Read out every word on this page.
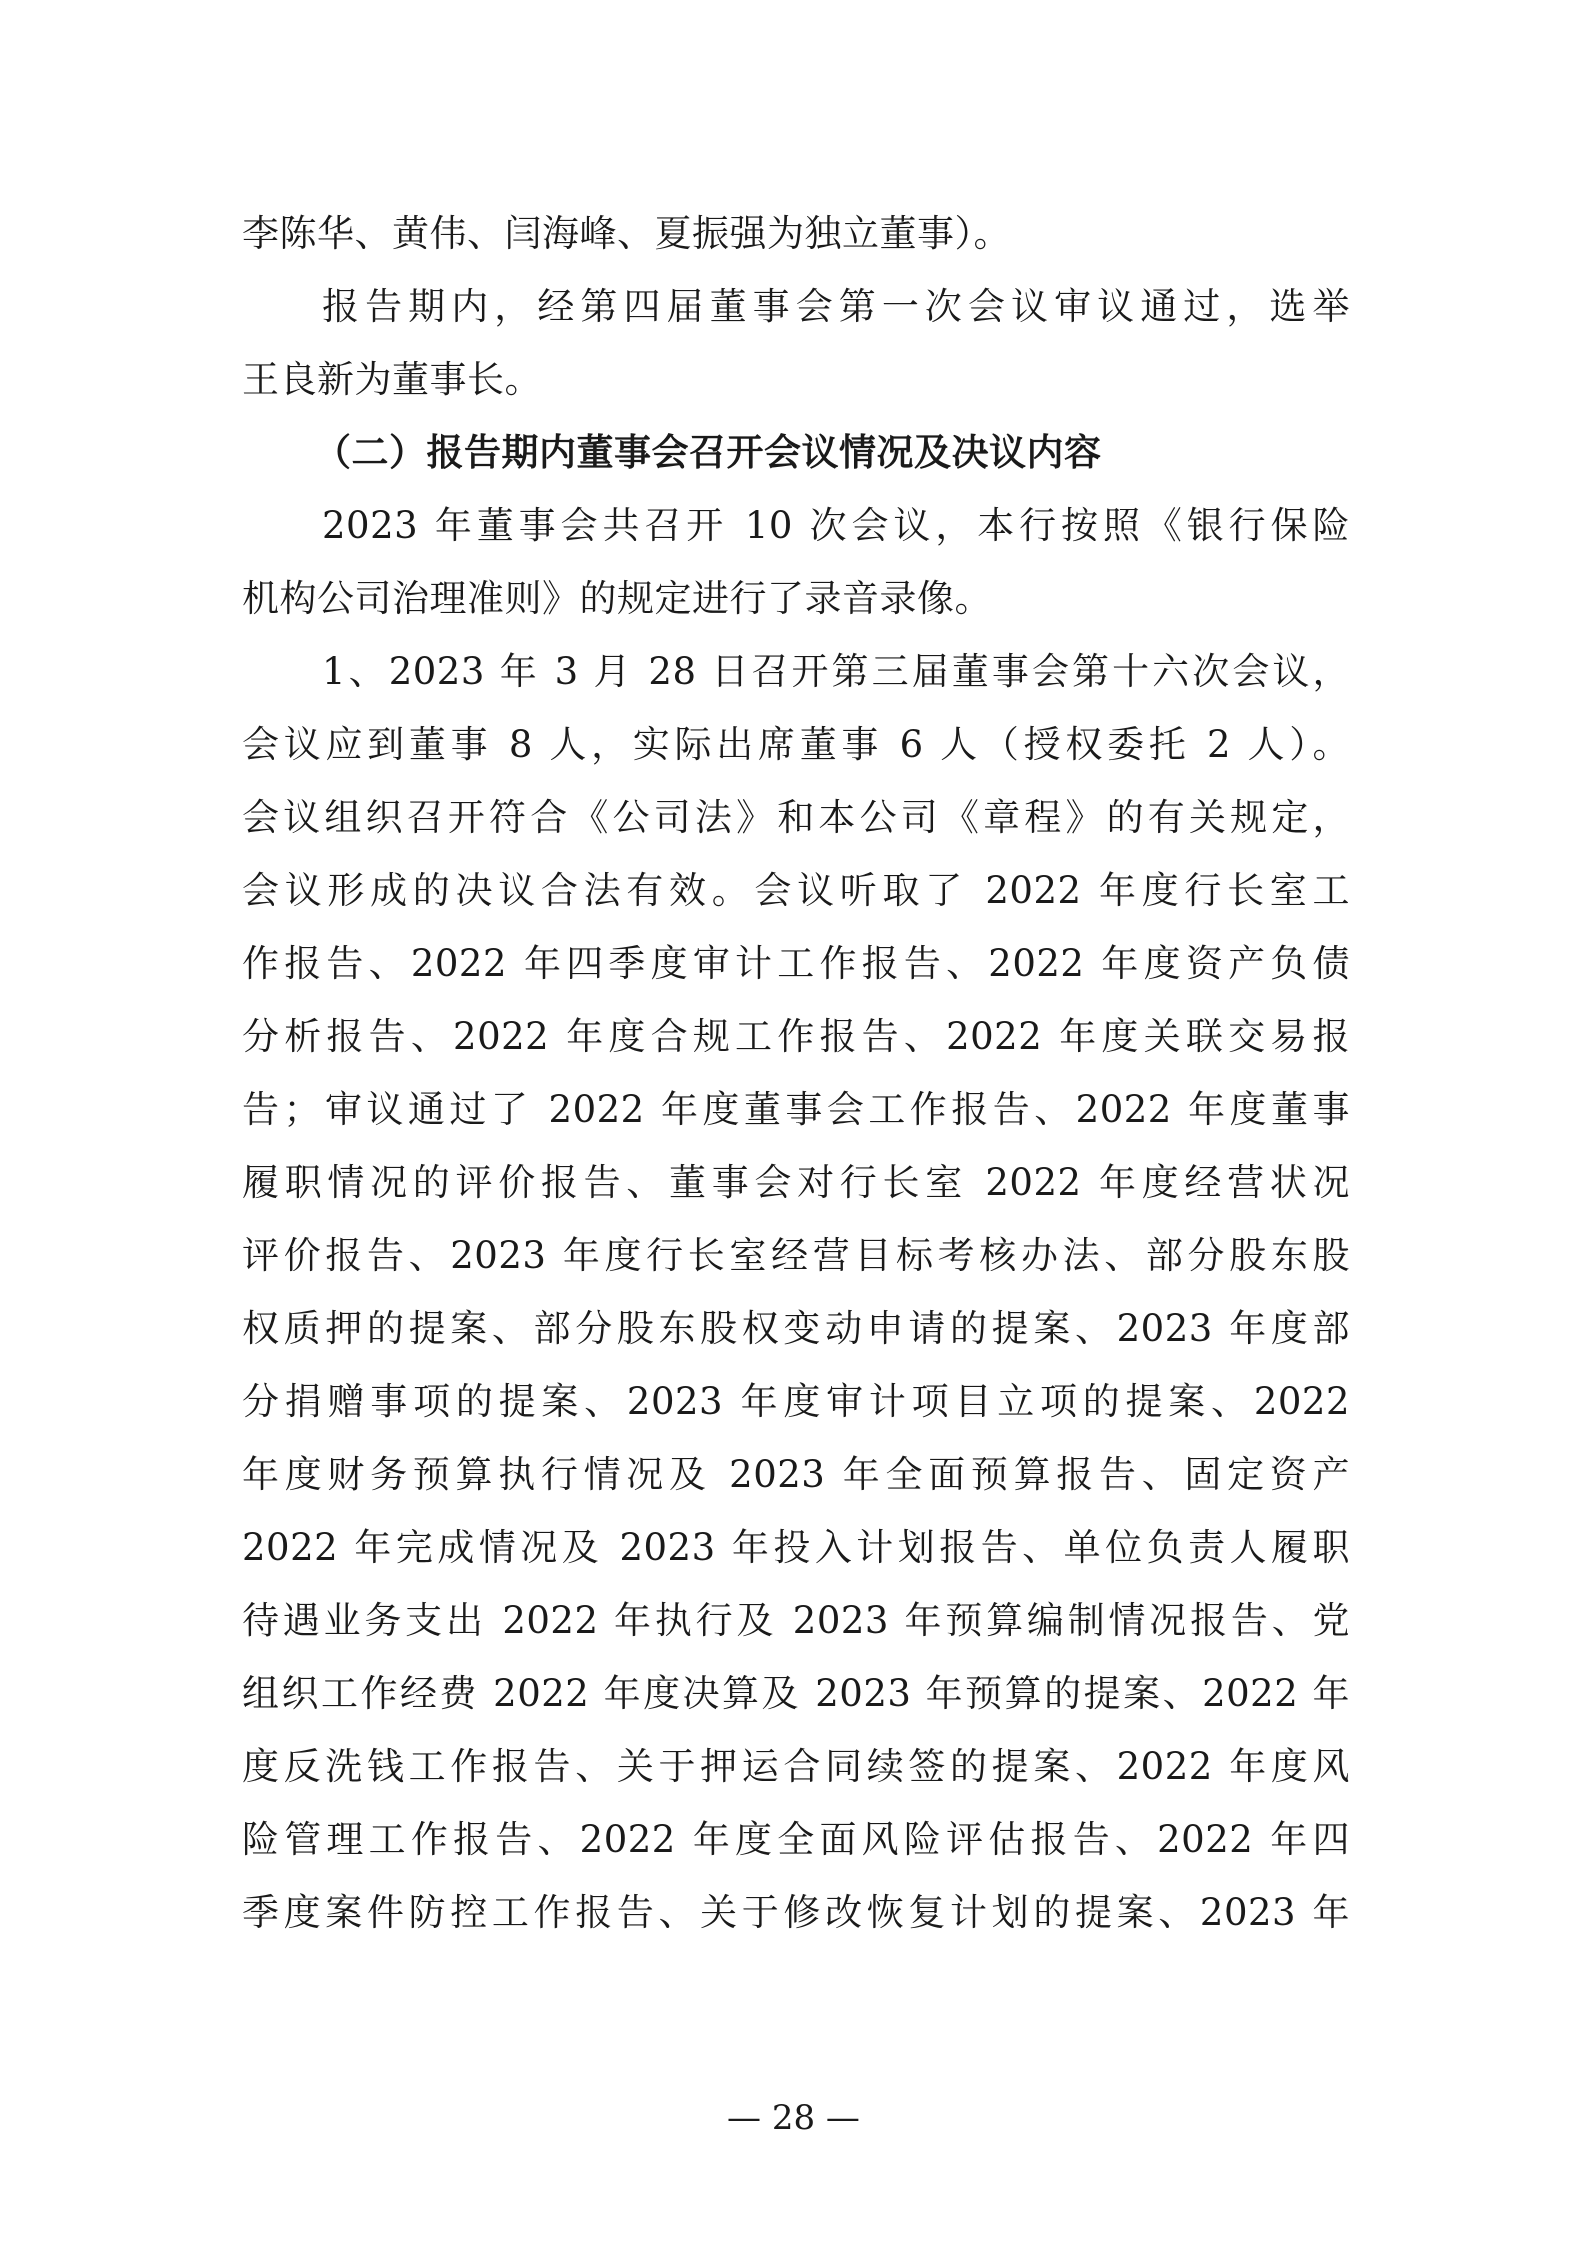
李陈华、黄伟、闫海峰、夏振强为独立董事）。
报告期内，经第四届董事会第一次会议审议通过，选举
王良新为董事长。
（二）报告期内董事会召开会议情况及决议内容
2023 年董事会共召开 10 次会议，本行按照《银行保险
机构公司治理准则》的规定进行了录音录像。
1、2023 年 3 月 28 日召开第三届董事会第十六次会议，
会议应到董事 8 人，实际出席董事 6 人（授权委托 2 人）。
会议组织召开符合《公司法》和本公司《章程》的有关规定，
会议形成的决议合法有效。会议听取了 2022 年度行长室工
作报告、2022 年四季度审计工作报告、2022 年度资产负债
分析报告、2022 年度合规工作报告、2022 年度关联交易报
告；审议通过了 2022 年度董事会工作报告、2022 年度董事
履职情况的评价报告、董事会对行长室 2022 年度经营状况
评价报告、2023 年度行长室经营目标考核办法、部分股东股
权质押的提案、部分股东股权变动申请的提案、2023 年度部
分捐赠事项的提案、2023 年度审计项目立项的提案、2022
年度财务预算执行情况及 2023 年全面预算报告、固定资产
2022 年完成情况及 2023 年投入计划报告、单位负责人履职
待遇业务支出 2022 年执行及 2023 年预算编制情况报告、党
组织工作经费 2022 年度决算及 2023 年预算的提案、2022 年
度反洗钱工作报告、关于押运合同续签的提案、2022 年度风
险管理工作报告、2022 年度全面风险评估报告、2022 年四
季度案件防控工作报告、关于修改恢复计划的提案、2023 年
— 28 —
